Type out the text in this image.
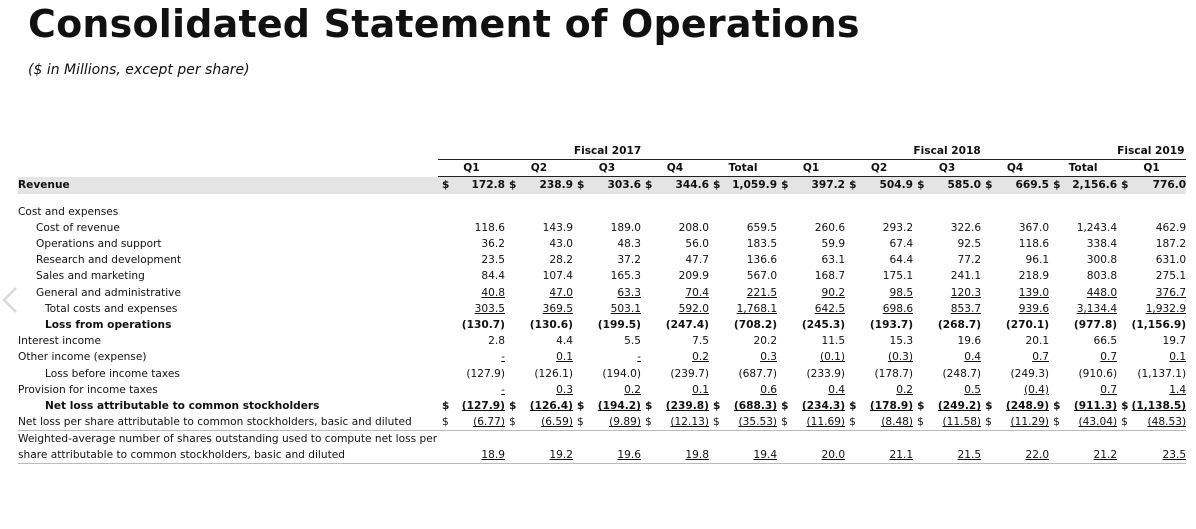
Consolidated Statement of Operations
($ in Millions, except per share)
	Fiscal 2017					Fiscal 2018					Fiscal 2019
	Q1	Q2	Q3	Q4	Total	Q1	Q2	Q3	Q4	Total	Q1
Revenue	$ 172.8	$ 238.9	$ 303.6	$ 344.6	$ 1,059.9	$ 397.2	$ 504.9	$ 585.0	$ 669.5	$ 2,156.6	$ 776.0

Cost and expenses											
Cost of revenue	118.6	143.9	189.0	208.0	659.5	260.6	293.2	322.6	367.0	1,243.4	462.9
Operations and support	36.2	43.0	48.3	56.0	183.5	59.9	67.4	92.5	118.6	338.4	187.2
Research and development	23.5	28.2	37.2	47.7	136.6	63.1	64.4	77.2	96.1	300.8	631.0
Sales and marketing	84.4	107.4	165.3	209.9	567.0	168.7	175.1	241.1	218.9	803.8	275.1
General and administrative	40.8	47.0	63.3	70.4	221.5	90.2	98.5	120.3	139.0	448.0	376.7
Total costs and expenses	303.5	369.5	503.1	592.0	1,768.1	642.5	698.6	853.7	939.6	3,134.4	1,932.9
Loss from operations	(130.7)	(130.6)	(199.5)	(247.4)	(708.2)	(245.3)	(193.7)	(268.7)	(270.1)	(977.8)	(1,156.9)
Interest income	2.8	4.4	5.5	7.5	20.2	11.5	15.3	19.6	20.1	66.5	19.7
Other income (expense)	-	0.1	-	0.2	0.3	(0.1)	(0.3)	0.4	0.7	0.7	0.1
Loss before income taxes	(127.9)	(126.1)	(194.0)	(239.7)	(687.7)	(233.9)	(178.7)	(248.7)	(249.3)	(910.6)	(1,137.1)
Provision for income taxes	-	0.3	0.2	0.1	0.6	0.4	0.2	0.5	(0.4)	0.7	1.4
Net loss attributable to common stockholders	$ (127.9)	$ (126.4)	$ (194.2)	$ (239.8)	$ (688.3)	$ (234.3)	$ (178.9)	$ (249.2)	$ (248.9)	$ (911.3)	$ (1,138.5)
Net loss per share attributable to common stockholders, basic and diluted	$ (6.77)	$ (6.59)	$ (9.89)	$ (12.13)	$ (35.53)	$ (11.69)	$ (8.48)	$ (11.58)	$ (11.29)	$ (43.04)	$ (48.53)
Weighted-average number of shares outstanding used to compute net loss per share attributable to common stockholders, basic and diluted	18.9	19.2	19.6	19.8	19.4	20.0	21.1	21.5	22.0	21.2	23.5
